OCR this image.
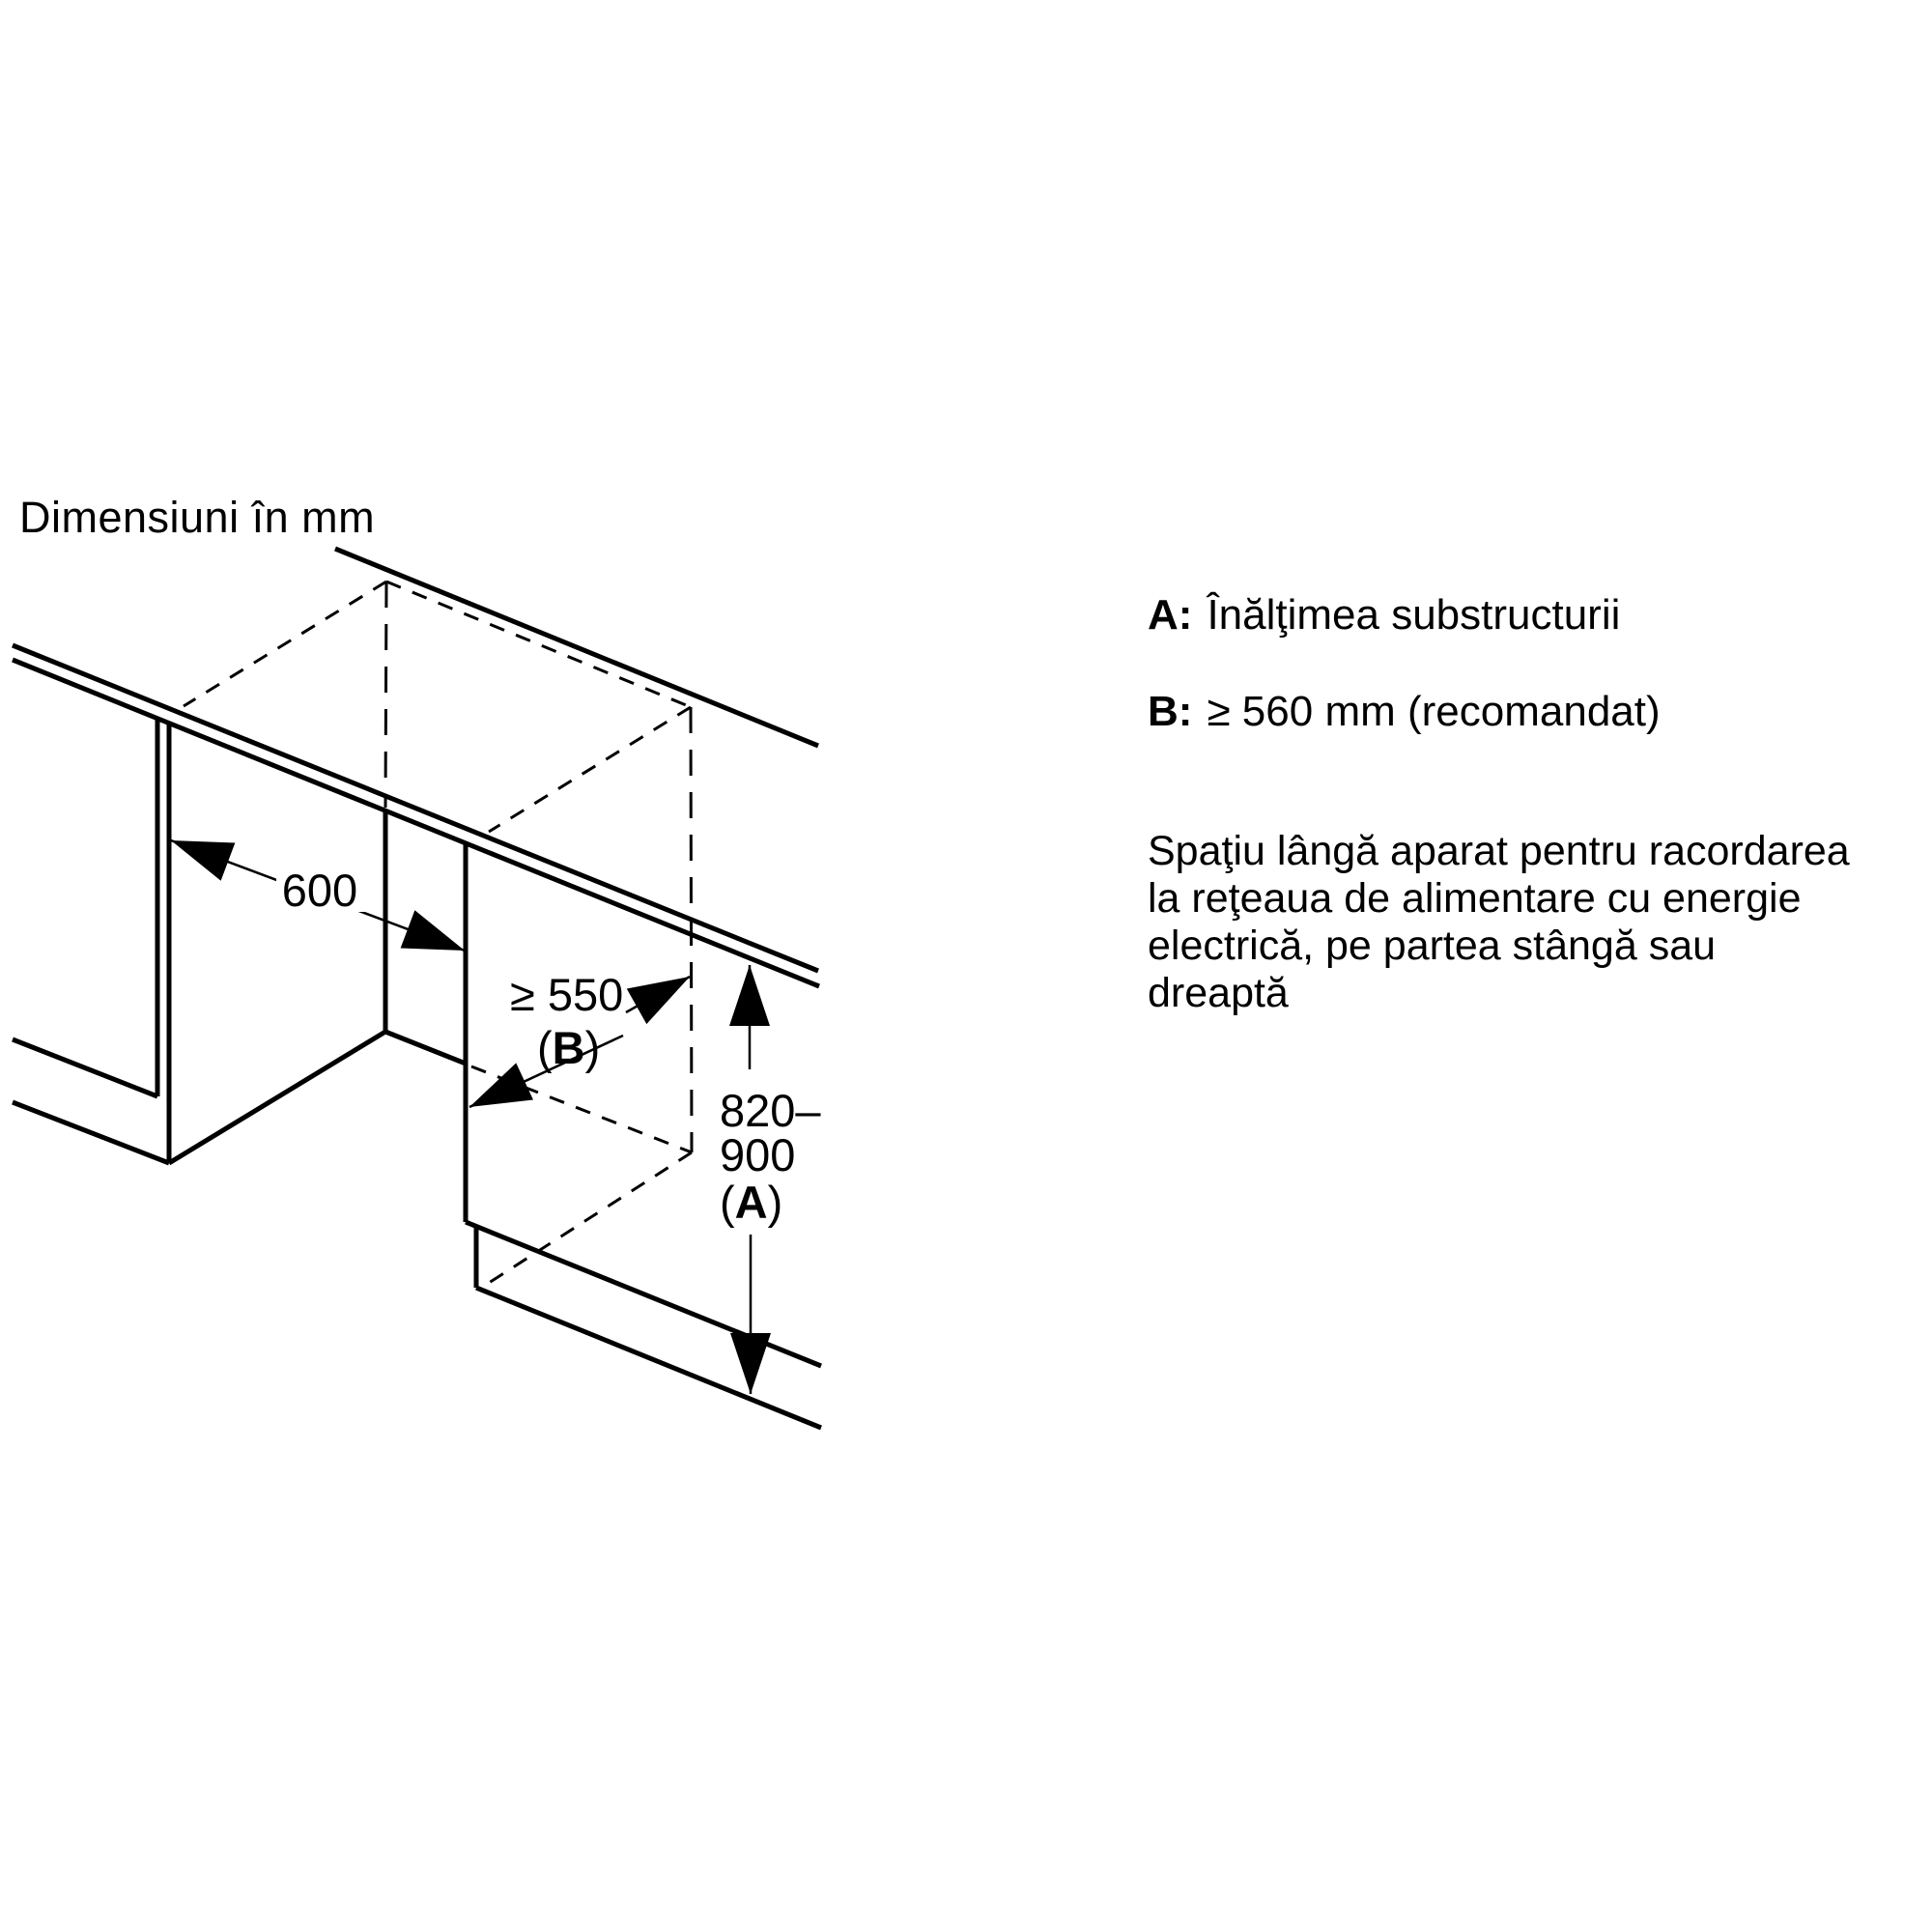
Dimensiuni în mm
600
≥ 550
(B)
820–
900
(A)
A: Înălţimea substructurii
B: ≥ 560 mm (recomandat)
Spaţiu lângă aparat pentru racordarea
la reţeaua de alimentare cu energie
electrică, pe partea stângă sau
dreaptă
